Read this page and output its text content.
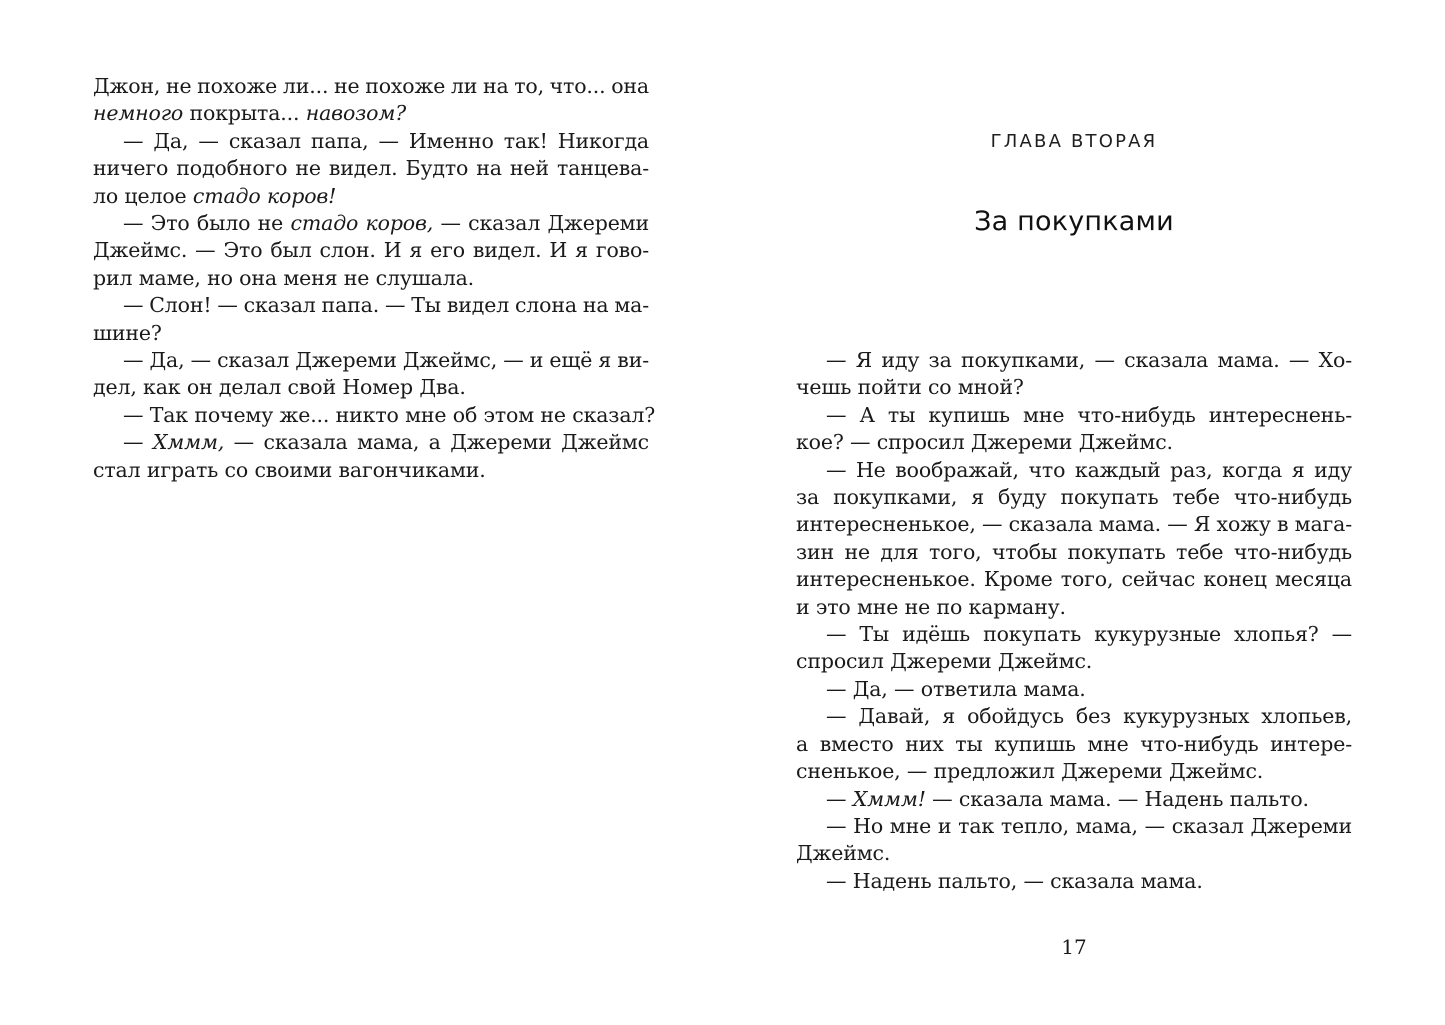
Джон, не похоже ли... не похоже ли на то, что... она
немного покрыта... навозом?
— Да, — сказал папа, — Именно так! Никогда
ничего подобного не видел. Будто на ней танцева-
ло целое стадо коров!
— Это было не стадо коров, — сказал Джереми
Джеймс. — Это был слон. И я его видел. И я гово-
рил маме, но она меня не слушала.
— Слон! — сказал папа. — Ты видел слона на ма-
шине?
— Да, — сказал Джереми Джеймс, — и ещё я ви-
дел, как он делал свой Номер Два.
— Так почему же... никто мне об этом не сказал?
— Хммм, — сказала мама, а Джереми Джеймс
стал играть со своими вагончиками.

ГЛАВА ВТОРАЯ

За покупками
— Я иду за покупками, — сказала мама. — Хо-
чешь пойти со мной?
— А ты купишь мне что-нибудь интереснень-
кое? — спросил Джереми Джеймс.
— Не воображай, что каждый раз, когда я иду
за покупками, я буду покупать тебе что-нибудь
интересненькое, — сказала мама. — Я хожу в мага-
зин не для того, чтобы покупать тебе что-нибудь
интересненькое. Кроме того, сейчас конец месяца
и это мне не по карману.
— Ты идёшь покупать кукурузные хлопья? —
спросил Джереми Джеймс.
— Да, — ответила мама.
— Давай, я обойдусь без кукурузных хлопьев,
а вместо них ты купишь мне что-нибудь интере-
сненькое, — предложил Джереми Джеймс.
— Хммм! — сказала мама. — Надень пальто.
— Но мне и так тепло, мама, — сказал Джереми
Джеймс.
— Надень пальто, — сказала мама.

17
